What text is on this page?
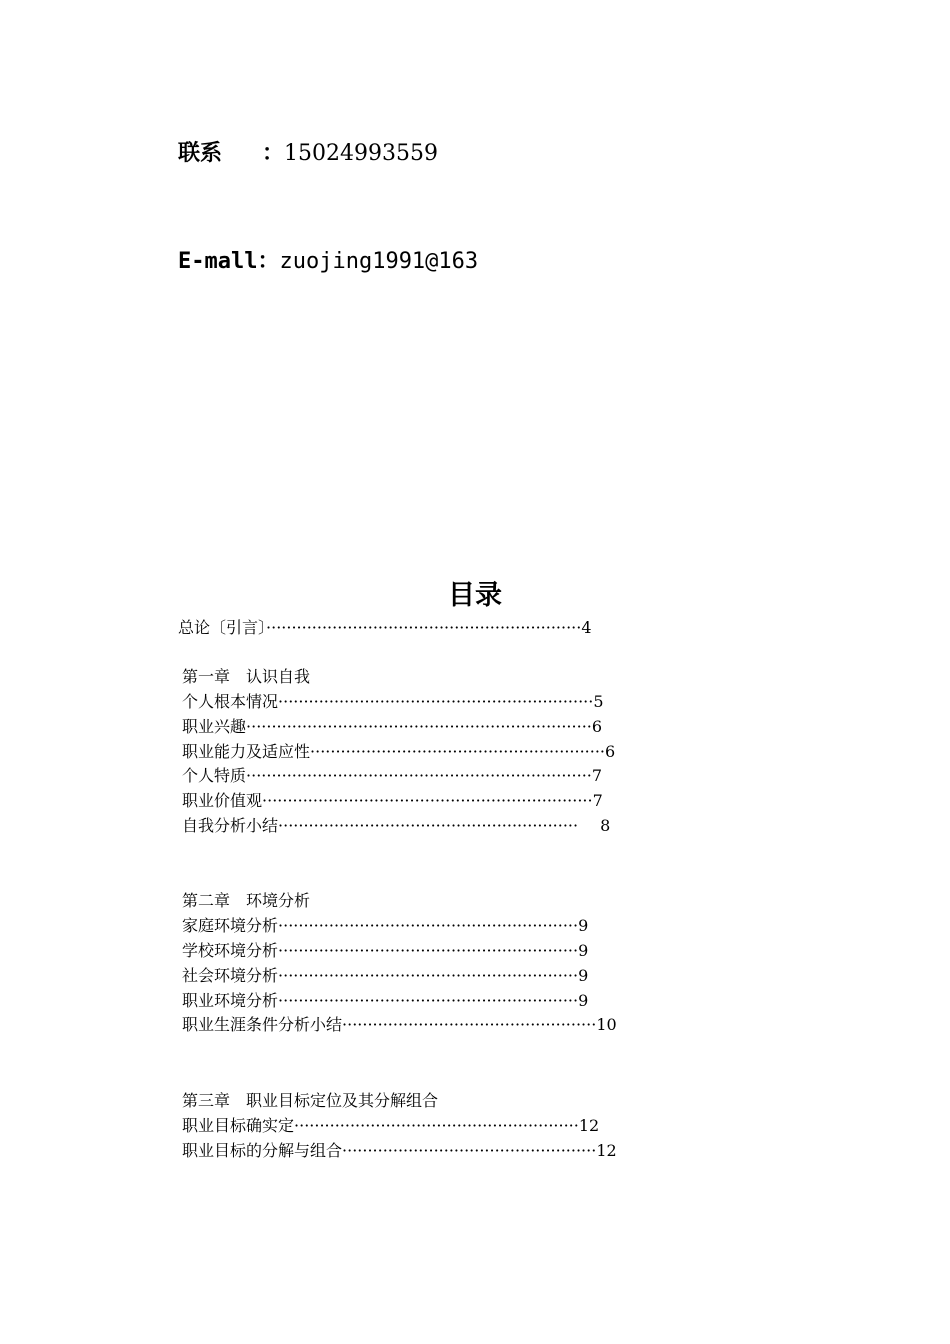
联系 ：15024993559
E-mall：zuojing1991@163
目录
总论〔引言〕······························································4
第一章　认识自我
个人根本情况······························································5
职业兴趣····································································6
职业能力及适应性··························································6
个人特质····································································7
职业价值观·································································7
自我分析小结··························································· 8
第二章　环境分析
家庭环境分析···························································9
学校环境分析···························································9
社会环境分析···························································9
职业环境分析···························································9
职业生涯条件分析小结··················································10
第三章　职业目标定位及其分解组合
职业目标确实定························································12
职业目标的分解与组合··················································12
